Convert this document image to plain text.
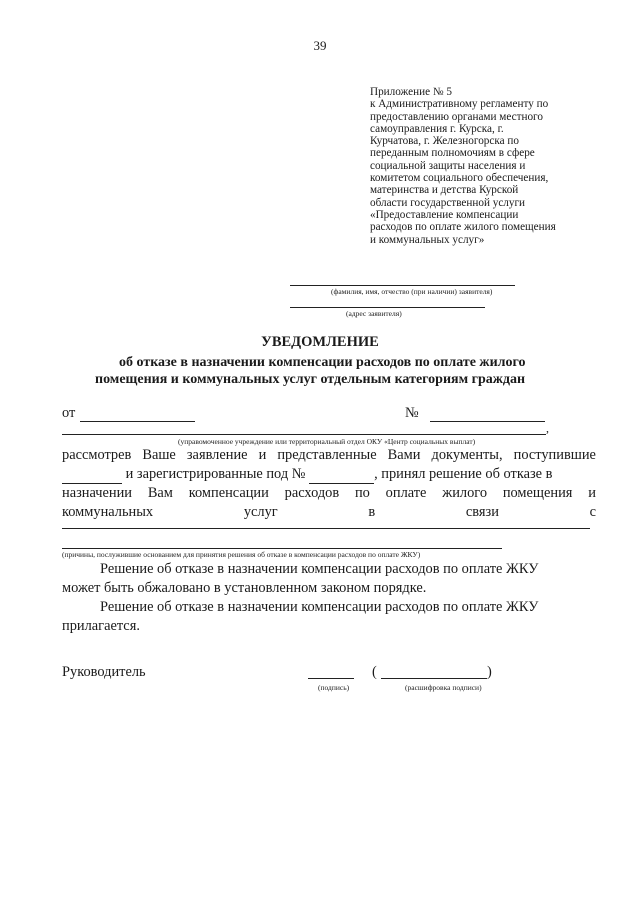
39
Приложение № 5
к Административному регламенту по
предоставлению органами местного
самоуправления г. Курска, г.
Курчатова, г. Железногорска по
переданным полномочиям в сфере
социальной защиты населения и
комитетом социального обеспечения,
материнства и детства Курской
области государственной услуги
«Предоставление компенсации
расходов по оплате жилого помещения
и коммунальных услуг»
(фамилия, имя, отчество (при наличии) заявителя)
(адрес заявителя)
УВЕДОМЛЕНИЕ
об отказе в назначении компенсации расходов по оплате жилого
помещения и коммунальных услуг отдельным категориям граждан
от	№
,
(управомоченное учреждение или территориальный отдел ОКУ «Центр социальных выплат)
рассмотрев Ваше заявление и представленные Вами документы, поступившие
и зарегистрированные под №	, принял решение об отказе в
назначении Вам компенсации расходов по оплате жилого помещения и
коммунальных	услуг	в	связи	с
(причины, послужившие основанием для принятия решения об отказе в компенсации расходов по оплате ЖКУ)
Решение об отказе в назначении компенсации расходов по оплате ЖКУ
может быть обжаловано в установленном законом порядке.
Решение об отказе в назначении компенсации расходов по оплате ЖКУ
прилагается.
Руководитель
(подпись)
(	)
(расшифровка подписи)
